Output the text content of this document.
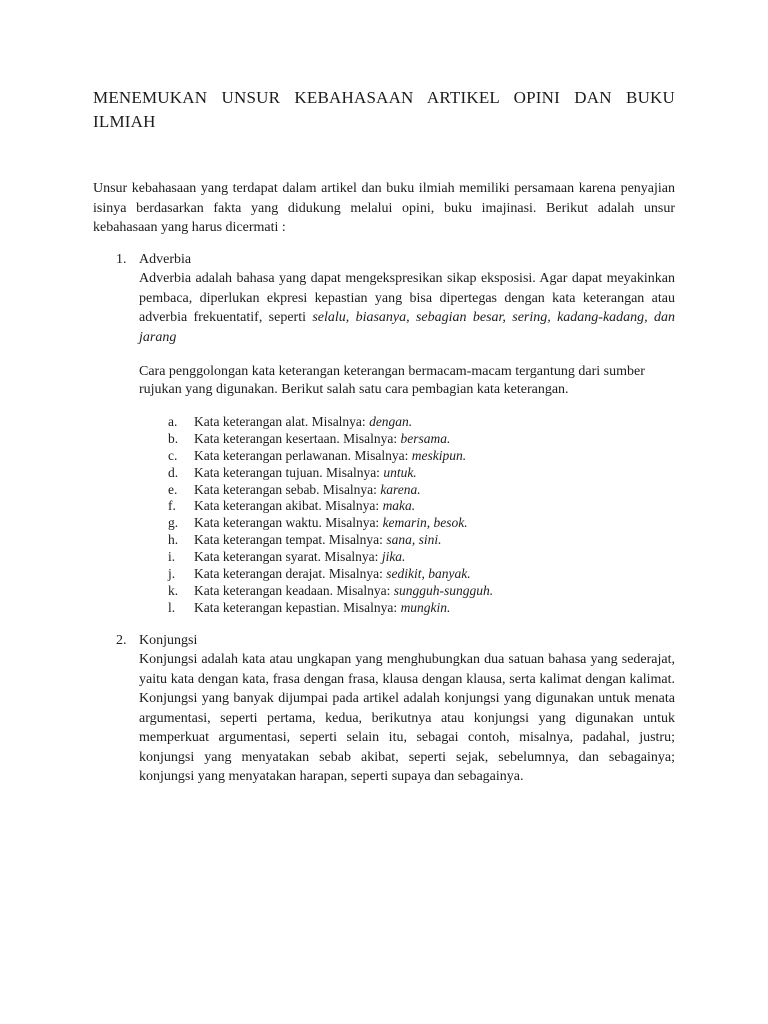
MENEMUKAN UNSUR KEBAHASAAN ARTIKEL OPINI DAN BUKU ILMIAH

Unsur kebahasaan yang terdapat dalam artikel dan buku ilmiah memiliki persamaan karena penyajian isinya berdasarkan fakta yang didukung melalui opini, buku imajinasi. Berikut adalah unsur kebahasaan yang harus dicermati :

1. Adverbia

Adverbia adalah bahasa yang dapat mengekspresikan sikap eksposisi. Agar dapat meyakinkan pembaca, diperlukan ekpresi kepastian yang bisa dipertegas dengan kata keterangan atau adverbia frekuentatif, seperti selalu, biasanya, sebagian besar, sering, kadang-kadang, dan jarang

Cara penggolongan kata keterangan keterangan bermacam-macam tergantung dari sumber rujukan yang digunakan. Berikut salah satu cara pembagian kata keterangan.

a. Kata keterangan alat. Misalnya: dengan.
b. Kata keterangan kesertaan. Misalnya: bersama.
c. Kata keterangan perlawanan. Misalnya: meskipun.
d. Kata keterangan tujuan. Misalnya: untuk.
e. Kata keterangan sebab. Misalnya: karena.
f. Kata keterangan akibat. Misalnya: maka.
g. Kata keterangan waktu. Misalnya: kemarin, besok.
h. Kata keterangan tempat. Misalnya: sana, sini.
i. Kata keterangan syarat. Misalnya: jika.
j. Kata keterangan derajat. Misalnya: sedikit, banyak.
k. Kata keterangan keadaan. Misalnya: sungguh-sungguh.
l. Kata keterangan kepastian. Misalnya: mungkin.
2. Konjungsi

Konjungsi adalah kata atau ungkapan yang menghubungkan dua satuan bahasa yang sederajat, yaitu kata dengan kata, frasa dengan frasa, klausa dengan klausa, serta kalimat dengan kalimat. Konjungsi yang banyak dijumpai pada artikel adalah konjungsi yang digunakan untuk menata argumentasi, seperti pertama, kedua, berikutnya atau konjungsi yang digunakan untuk memperkuat argumentasi, seperti selain itu, sebagai contoh, misalnya, padahal, justru; konjungsi yang menyatakan sebab akibat, seperti sejak, sebelumnya, dan sebagainya; konjungsi yang menyatakan harapan, seperti supaya dan sebagainya.
